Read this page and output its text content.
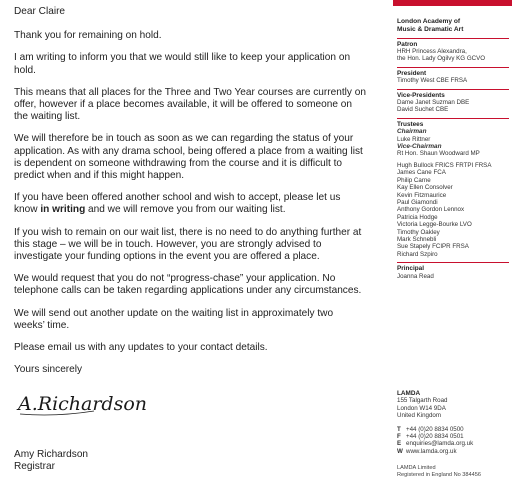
Dear Claire

Thank you for remaining on hold.

I am writing to inform you that we would still like to keep your application on hold.

This means that all places for the Three and Two Year courses are currently on offer, however if a place becomes available, it will be offered to someone on the waiting list.

We will therefore be in touch as soon as we can regarding the status of your application. As with any drama school, being offered a place from a waiting list is dependent on someone withdrawing from the course and it is difficult to predict when and if this might happen.

If you have been offered another school and wish to accept, please let us know in writing and we will remove you from our waiting list.

If you wish to remain on our wait list, there is no need to do anything further at this stage – we will be in touch. However, you are strongly advised to investigate your funding options in the event you are offered a place.

We would request that you do not “progress-chase” your application. No telephone calls can be taken regarding applications under any circumstances.

We will send out another update on the waiting list in approximately two weeks’ time.

Please email us with any updates to your contact details.

Yours sincerely

A.Richardson
Amy Richardson
Registrar
London Academy of
Music & Dramatic Art
Patron
HRH Princess Alexandra,
the Hon. Lady Ogilvy KG GCVO
President
Timothy West CBE FRSA
Vice-Presidents
Dame Janet Suzman DBE
David Suchet CBE
Trustees
Chairman
Luke Rittner
Vice-Chairman
Rt Hon. Shaun Woodward MP
Hugh Bullock FRICS FRTPI FRSA
James Cane FCA
Philip Carne
Kay Ellen Consolver
Kevin Fitzmaurice
Paul Giamondi
Anthony Gordon Lennox
Patricia Hodge
Victoria Legge-Bourke LVO
Timothy Oakley
Mark Schnebli
Sue Stapely FCIPR FRSA
Richard Szpiro
Principal
Joanna Read
LAMDA
155 Talgarth Road
London W14 9DA
United Kingdom
T +44 (0)20 8834 0500
F +44 (0)20 8834 0501
E enquiries@lamda.org.uk
W www.lamda.org.uk
LAMDA Limited
Registered in England No 384456
